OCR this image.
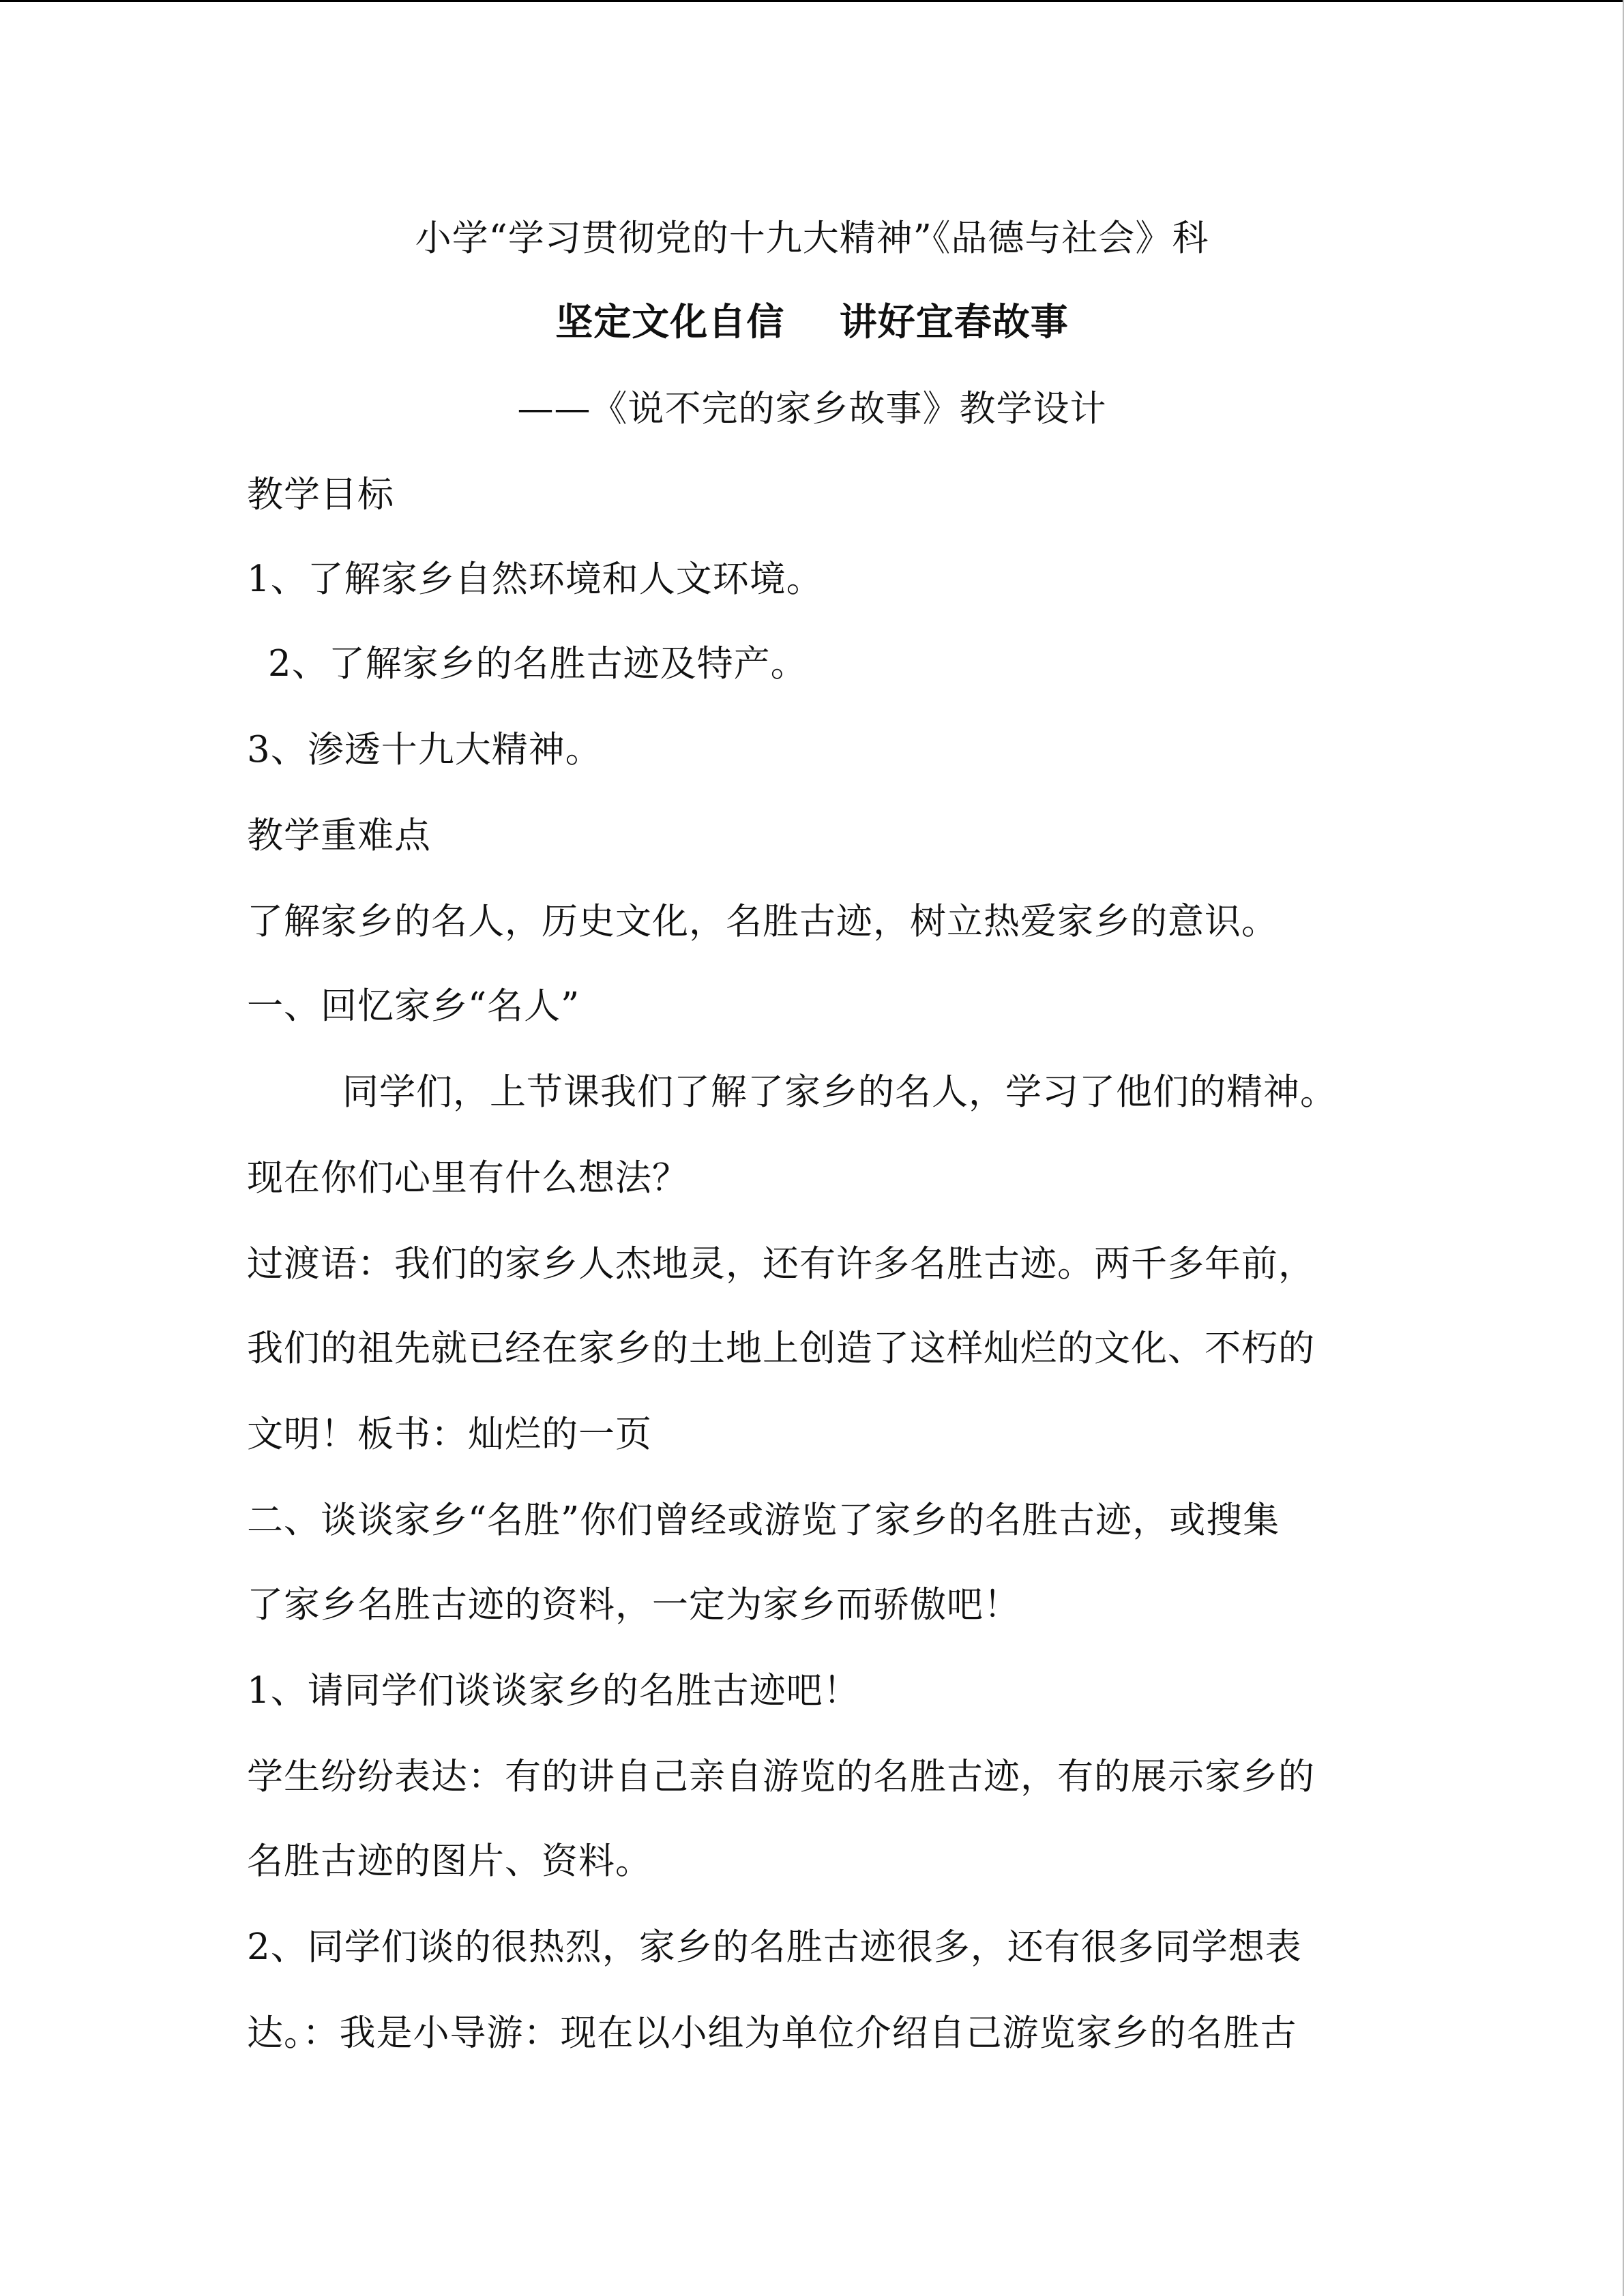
小学“学习贯彻党的十九大精神”《品德与社会》科
坚定文化自信    讲好宜春故事
——《说不完的家乡故事》教学设计
教学目标
1、了解家乡自然环境和人文环境。
2、了解家乡的名胜古迹及特产。
3、渗透十九大精神。
教学重难点
了解家乡的名人，历史文化，名胜古迹，树立热爱家乡的意识。
一、回忆家乡“名人”
同学们，上节课我们了解了家乡的名人，学习了他们的精神。
现在你们心里有什么想法？
过渡语：我们的家乡人杰地灵，还有许多名胜古迹。两千多年前，
我们的祖先就已经在家乡的土地上创造了这样灿烂的文化、不朽的
文明！板书：灿烂的一页
二、谈谈家乡“名胜”你们曾经或游览了家乡的名胜古迹，或搜集
了家乡名胜古迹的资料，一定为家乡而骄傲吧！
1、请同学们谈谈家乡的名胜古迹吧！
学生纷纷表达：有的讲自己亲自游览的名胜古迹，有的展示家乡的
名胜古迹的图片、资料。
2、同学们谈的很热烈，家乡的名胜古迹很多，还有很多同学想表
达。：我是小导游：现在以小组为单位介绍自己游览家乡的名胜古
